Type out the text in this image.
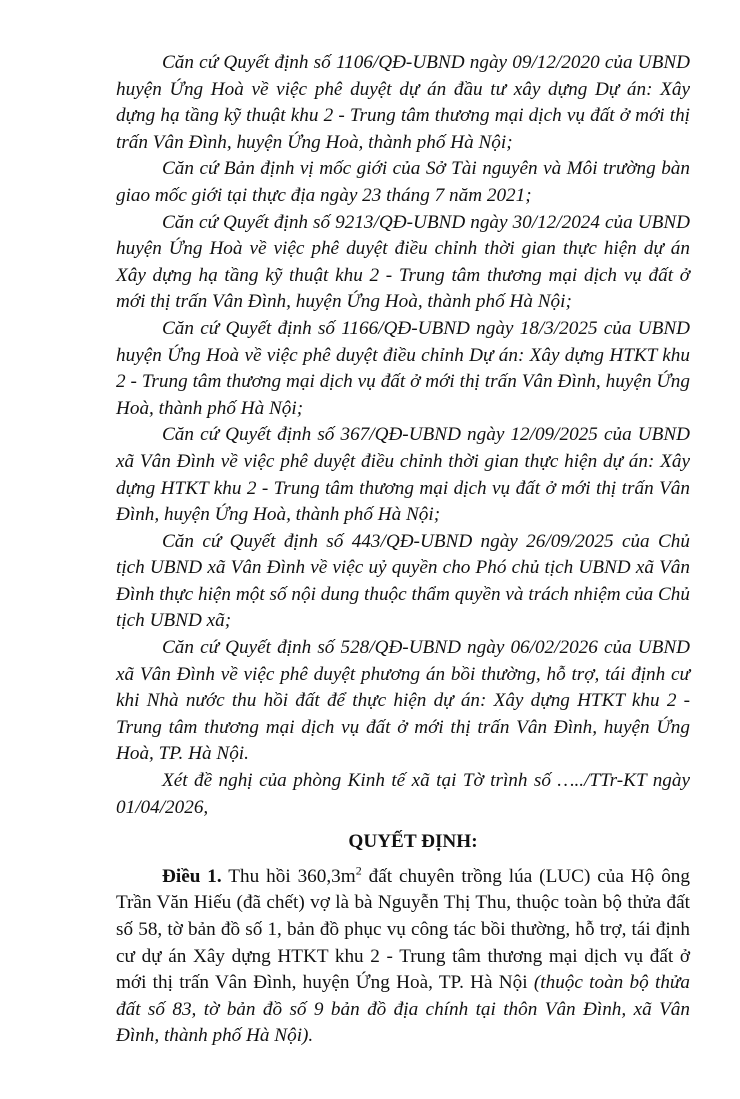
Căn cứ Quyết định số 1106/QĐ-UBND ngày 09/12/2020 của UBND huyện Ứng Hoà về việc phê duyệt dự án đầu tư xây dựng Dự án: Xây dựng hạ tầng kỹ thuật khu 2 - Trung tâm thương mại dịch vụ đất ở mới thị trấn Vân Đình, huyện Ứng Hoà, thành phố Hà Nội;

Căn cứ Bản định vị mốc giới của Sở Tài nguyên và Môi trường bàn giao mốc giới tại thực địa ngày 23 tháng 7 năm 2021;

Căn cứ Quyết định số 9213/QĐ-UBND ngày 30/12/2024 của UBND huyện Ứng Hoà về việc phê duyệt điều chỉnh thời gian thực hiện dự án Xây dựng hạ tầng kỹ thuật khu 2 - Trung tâm thương mại dịch vụ đất ở mới thị trấn Vân Đình, huyện Ứng Hoà, thành phố Hà Nội;

Căn cứ Quyết định số 1166/QĐ-UBND ngày 18/3/2025 của UBND huyện Ứng Hoà về việc phê duyệt điều chỉnh Dự án: Xây dựng HTKT khu 2 - Trung tâm thương mại dịch vụ đất ở mới thị trấn Vân Đình, huyện Ứng Hoà, thành phố Hà Nội;

Căn cứ Quyết định số 367/QĐ-UBND ngày 12/09/2025 của UBND xã Vân Đình về việc phê duyệt điều chỉnh thời gian thực hiện dự án: Xây dựng HTKT khu 2 - Trung tâm thương mại dịch vụ đất ở mới thị trấn Vân Đình, huyện Ứng Hoà, thành phố Hà Nội;

Căn cứ Quyết định số 443/QĐ-UBND ngày 26/09/2025 của Chủ tịch UBND xã Vân Đình về việc uỷ quyền cho Phó chủ tịch UBND xã Vân Đình thực hiện một số nội dung thuộc thẩm quyền và trách nhiệm của Chủ tịch UBND xã;

Căn cứ Quyết định số 528/QĐ-UBND ngày 06/02/2026 của UBND xã Vân Đình về việc phê duyệt phương án bồi thường, hỗ trợ, tái định cư khi Nhà nước thu hồi đất để thực hiện dự án: Xây dựng HTKT khu 2 - Trung tâm thương mại dịch vụ đất ở mới thị trấn Vân Đình, huyện Ứng Hoà, TP. Hà Nội.

Xét đề nghị của phòng Kinh tế xã tại Tờ trình số …../TTr-KT ngày 01/04/2026,

QUYẾT ĐỊNH:

Điều 1. Thu hồi $360,3m^2$ đất chuyên trồng lúa (LUC) của Hộ ông Trần Văn Hiếu (đã chết) vợ là bà Nguyễn Thị Thu, thuộc toàn bộ thửa đất số 58, tờ bản đồ số 1, bản đồ phục vụ công tác bồi thường, hỗ trợ, tái định cư dự án Xây dựng HTKT khu 2 - Trung tâm thương mại dịch vụ đất ở mới thị trấn Vân Đình, huyện Ứng Hoà, TP. Hà Nội (thuộc toàn bộ thửa đất số 83, tờ bản đồ số 9 bản đồ địa chính tại thôn Vân Đình, xã Vân Đình, thành phố Hà Nội).
